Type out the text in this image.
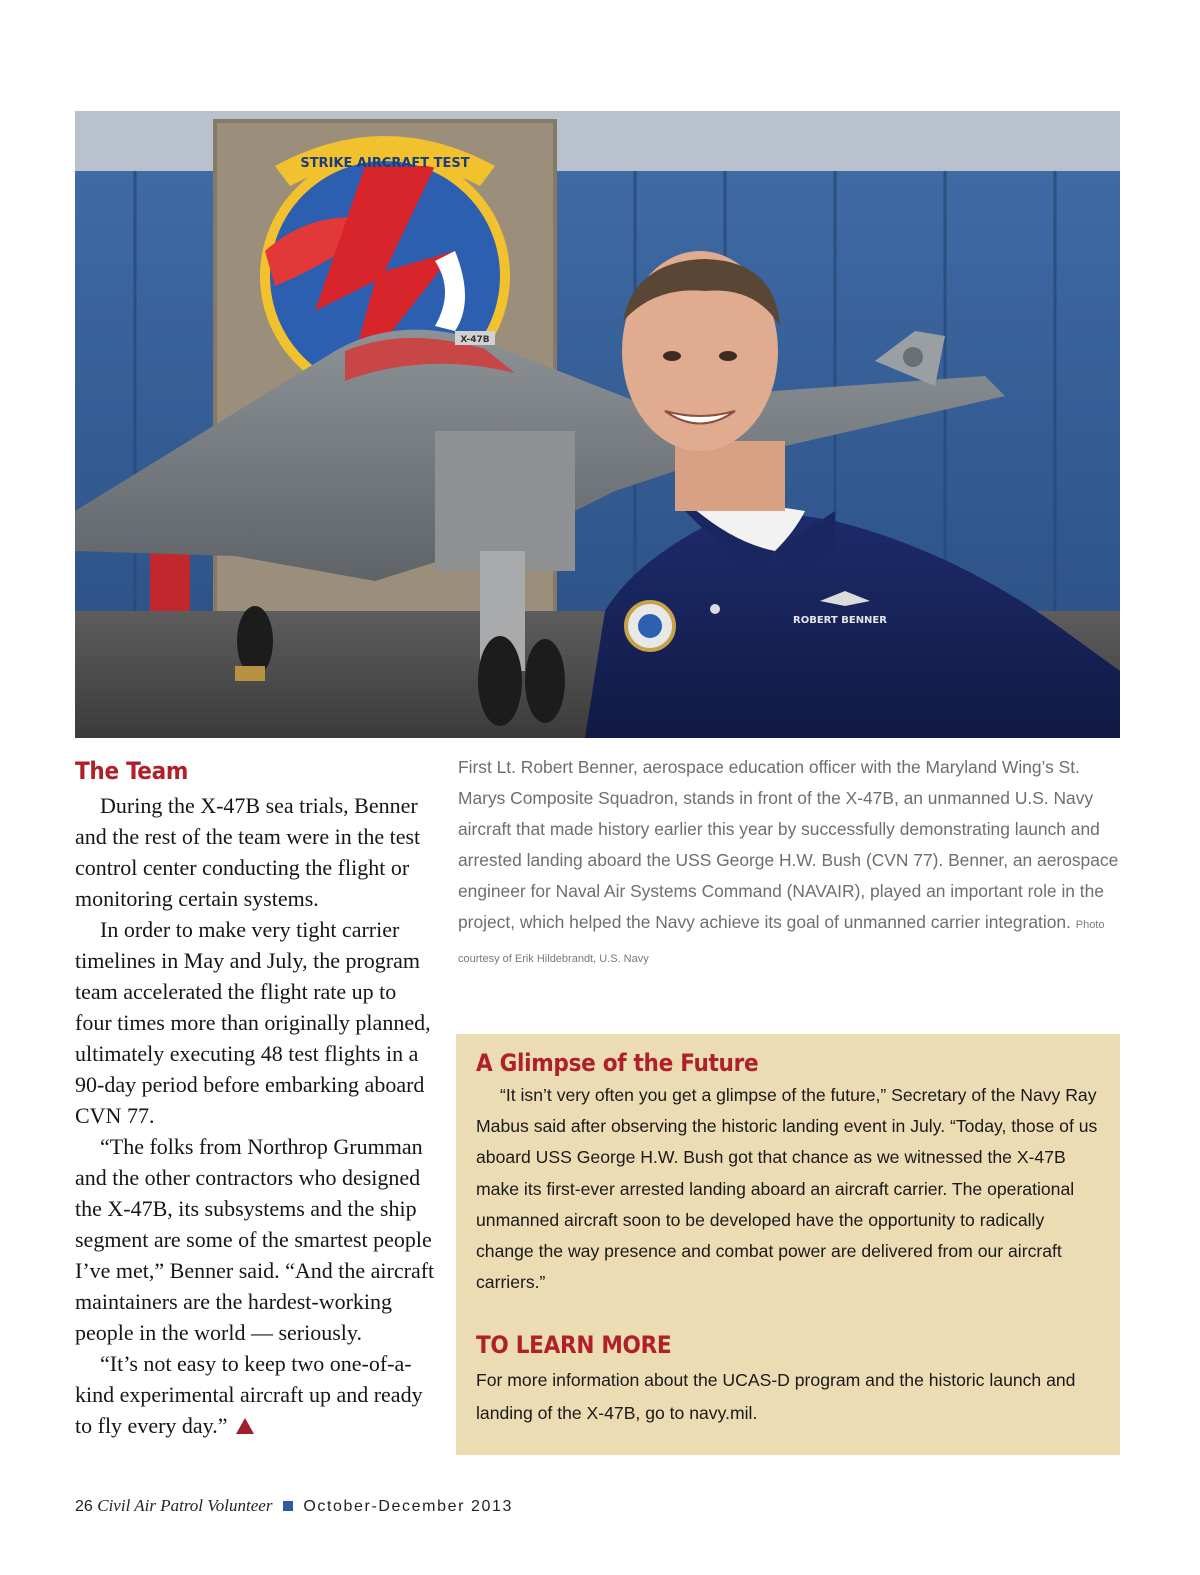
STRIKE AIRCRAFT TEST
X-47B
ROBERT BENNER
The Team

During the X-47B sea trials, Benner and the rest of the team were in the test control center conducting the flight or monitoring certain systems.

In order to make very tight carrier timelines in May and July, the program team accelerated the flight rate up to four times more than originally planned, ultimately executing 48 test flights in a 90-day period before embarking aboard CVN 77.

“The folks from Northrop Grumman and the other contractors who designed the X-47B, its subsystems and the ship segment are some of the smartest people I’ve met,” Benner said. “And the aircraft maintainers are the hardest-working people in the world — seriously.

“It’s not easy to keep two one-of-a-kind experimental aircraft up and ready to fly every day.”

First Lt. Robert Benner, aerospace education officer with the Maryland Wing’s St. Marys Composite Squadron, stands in front of the X-47B, an unmanned U.S. Navy aircraft that made history earlier this year by successfully demonstrating launch and arrested landing aboard the USS George H.W. Bush (CVN 77). Benner, an aerospace engineer for Naval Air Systems Command (NAVAIR), played an important role in the project, which helped the Navy achieve its goal of unmanned carrier integration. Photo courtesy of Erik Hildebrandt, U.S. Navy
A Glimpse of the Future

“It isn’t very often you get a glimpse of the future,” Secretary of the Navy Ray Mabus said after observing the historic landing event in July. “Today, those of us aboard USS George H.W. Bush got that chance as we witnessed the X-47B make its first-ever arrested landing aboard an aircraft carrier. The operational unmanned aircraft soon to be developed have the opportunity to radically change the way presence and combat power are delivered from our aircraft carriers.”

TO LEARN MORE

For more information about the UCAS-D program and the historic launch and landing of the X-47B, go to navy.mil.

26 Civil Air Patrol Volunteer October-December 2013
